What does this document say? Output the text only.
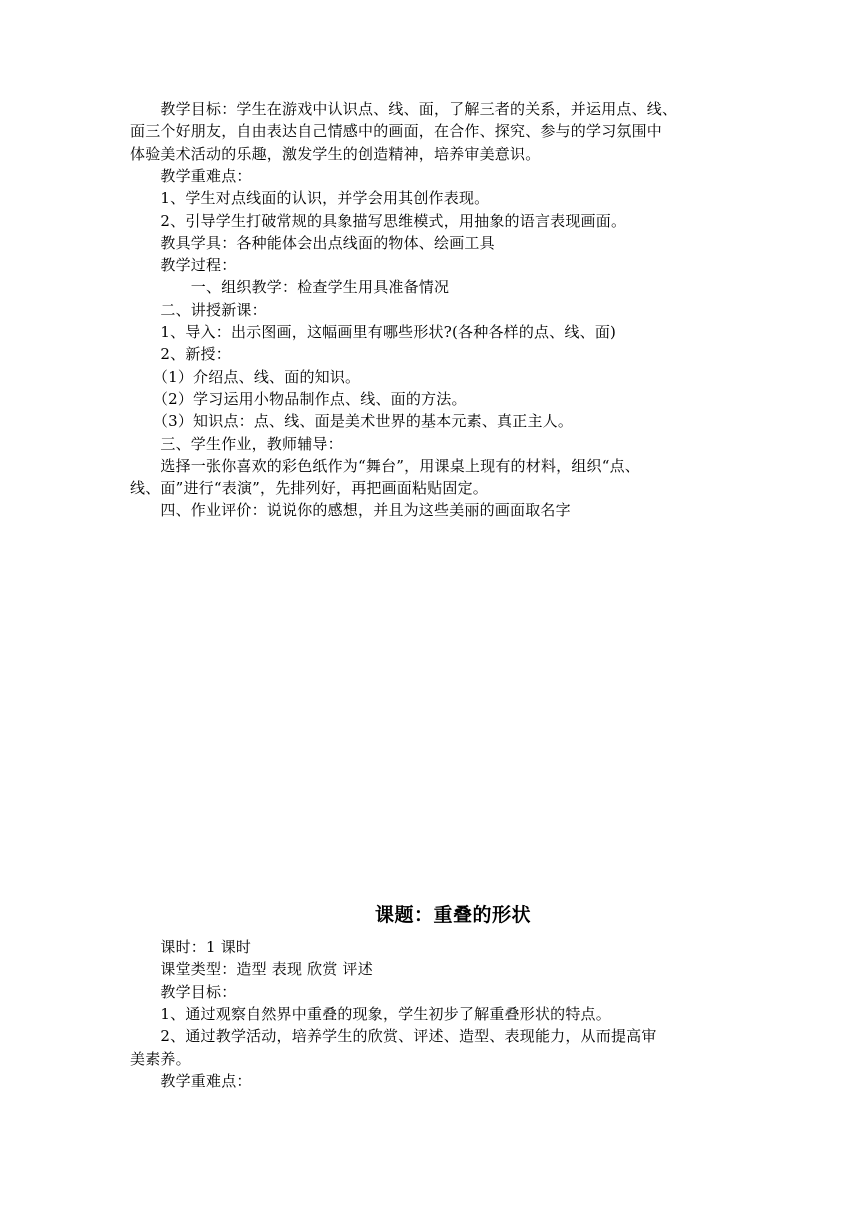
　　教学目标：学生在游戏中认识点、线、面，了解三者的关系，并运用点、线、
面三个好朋友，自由表达自己情感中的画面，在合作、探究、参与的学习氛围中
体验美术活动的乐趣，激发学生的创造精神，培养审美意识。
　　教学重难点：
　　1、学生对点线面的认识，并学会用其创作表现。
　　2、引导学生打破常规的具象描写思维模式，用抽象的语言表现画面。
　　教具学具：各种能体会出点线面的物体、绘画工具
　　教学过程：
　　　　一、组织教学：检查学生用具准备情况
　　二、讲授新课：
　　1、导入：出示图画，这幅画里有哪些形状?(各种各样的点、线、面)
　　2、新授：
　　（1）介绍点、线、面的知识。
　　（2）学习运用小物品制作点、线、面的方法。
　　（3）知识点：点、线、面是美术世界的基本元素、真正主人。
　　三、学生作业，教师辅导：
　　选择一张你喜欢的彩色纸作为“舞台”，用课桌上现有的材料，组织“点、
线、面”进行“表演”，先排列好，再把画面粘贴固定。
　　四、作业评价：说说你的感想，并且为这些美丽的画面取名字
课题：重叠的形状
　　课时：1 课时
　　课堂类型：造型 表现 欣赏 评述
　　教学目标：
　　1、通过观察自然界中重叠的现象，学生初步了解重叠形状的特点。
　　2、通过教学活动，培养学生的欣赏、评述、造型、表现能力，从而提高审
美素养。
　　教学重难点：
